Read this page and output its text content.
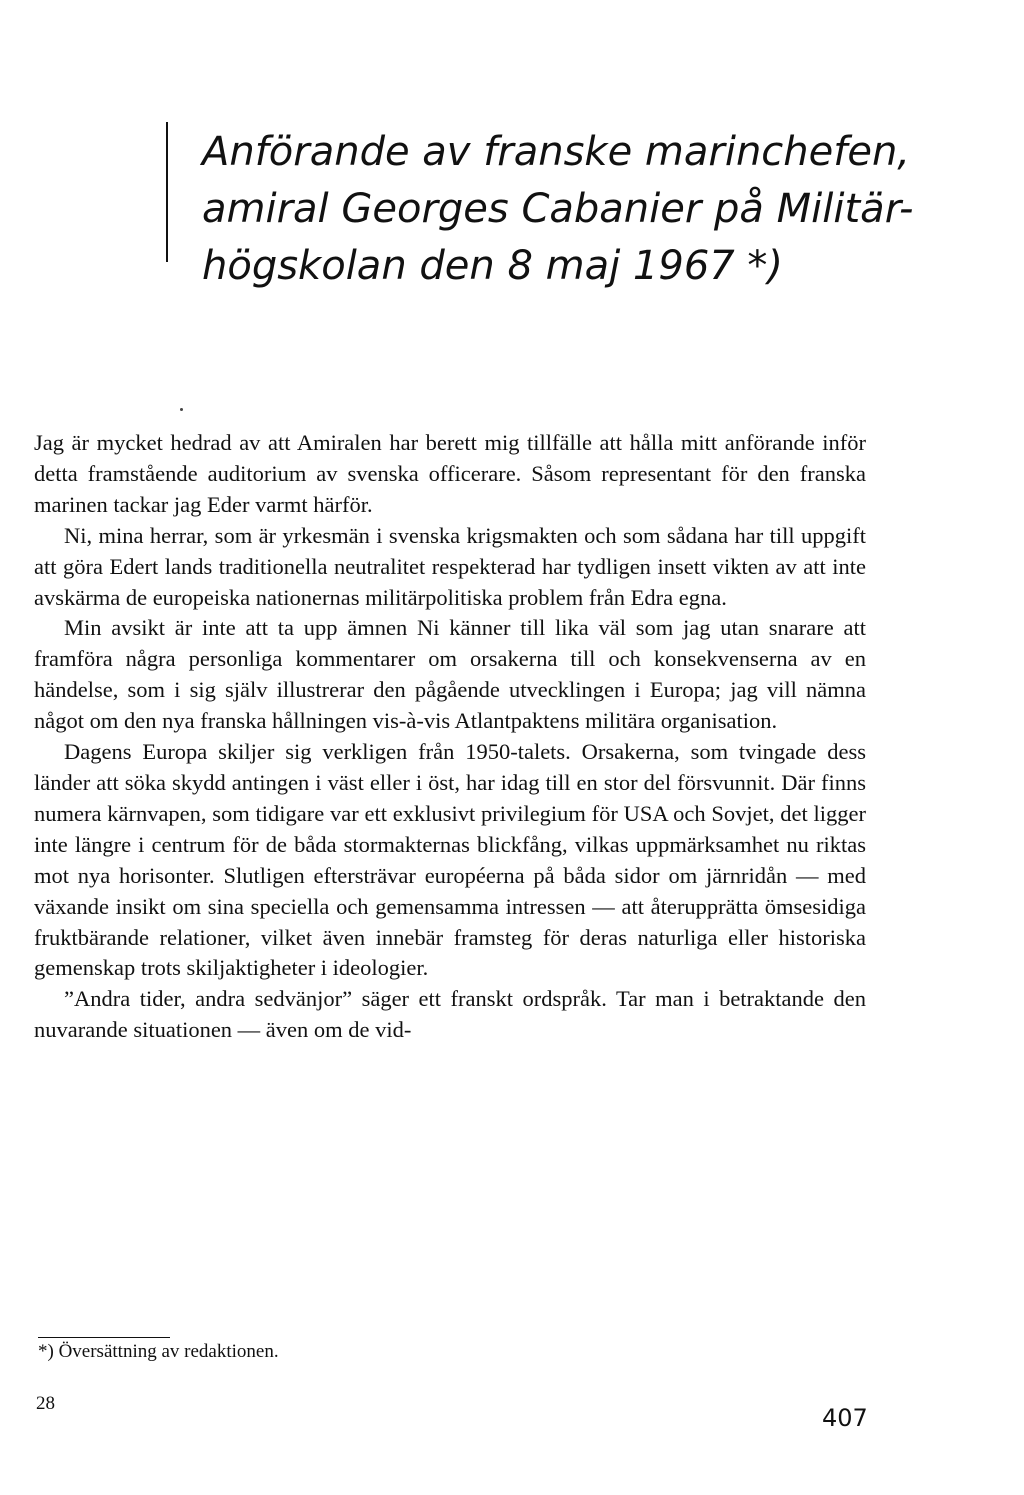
Anförande av franske marinchefen,
amiral Georges Cabanier på Militär-
högskolan den 8 maj 1967 *)

Jag är mycket hedrad av att Amiralen har berett mig tillfälle att hålla mitt anförande inför detta framstående auditorium av svenska officerare. Såsom representant för den franska marinen tackar jag Eder varmt härför.

Ni, mina herrar, som är yrkesmän i svenska krigsmakten och som sådana har till uppgift att göra Edert lands traditionella neutralitet respekterad har tydligen insett vikten av att inte avskärma de europeiska nationernas militärpolitiska problem från Edra egna.

Min avsikt är inte att ta upp ämnen Ni känner till lika väl som jag utan snarare att framföra några personliga kommentarer om orsakerna till och konsekvenserna av en händelse, som i sig själv illustrerar den pågående utvecklingen i Europa; jag vill nämna något om den nya franska hållningen vis-à-vis Atlantpaktens militära organisation.

Dagens Europa skiljer sig verkligen från 1950-talets. Orsakerna, som tvingade dess länder att söka skydd antingen i väst eller i öst, har idag till en stor del försvunnit. Där finns numera kärnvapen, som tidigare var ett exklusivt privilegium för USA och Sovjet, det ligger inte längre i centrum för de båda stormakternas blickfång, vilkas uppmärksamhet nu riktas mot nya horisonter. Slutligen eftersträvar européerna på båda sidor om järnridån — med växande insikt om sina speciella och gemensamma intressen — att återupprätta ömsesidiga fruktbärande relationer, vilket även innebär framsteg för deras naturliga eller historiska gemenskap trots skiljaktigheter i ideologier.

”Andra tider, andra sedvänjor” säger ett franskt ordspråk. Tar man i betraktande den nuvarande situationen — även om de vid-

*) Översättning av redaktionen.
28
407
